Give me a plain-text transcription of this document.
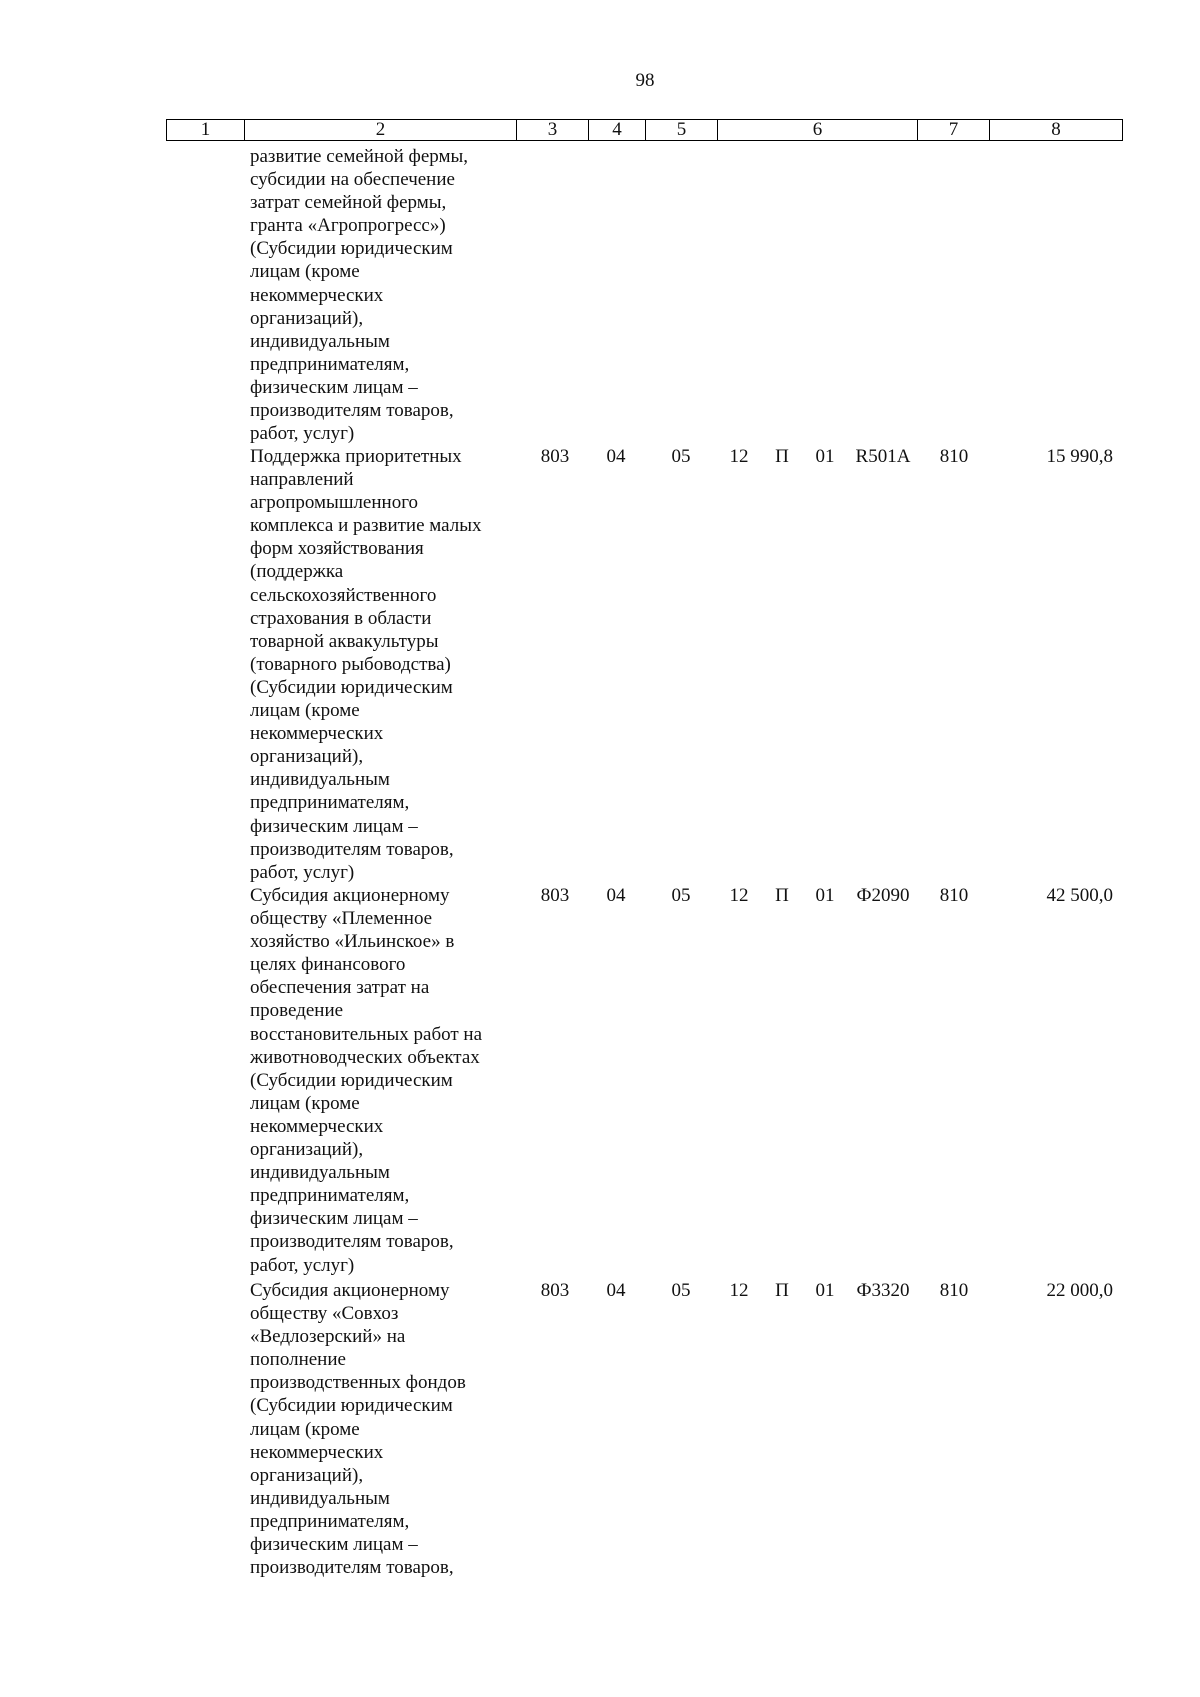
98
1	2	3	4	5	6	7	8
развитие семейной фермы,
субсидии на обеспечение
затрат семейной фермы,
гранта «Агропрогресс»)
(Субсидии юридическим
лицам (кроме
некоммерческих
организаций),
индивидуальным
предпринимателям,
физическим лицам –
производителям товаров,
работ, услуг)
Поддержка приоритетных
направлений
агропромышленного
комплекса и развитие малых
форм хозяйствования
(поддержка
сельскохозяйственного
страхования в области
товарной аквакультуры
(товарного рыбоводства)
(Субсидии юридическим
лицам (кроме
некоммерческих
организаций),
индивидуальным
предпринимателям,
физическим лицам –
производителям товаров,
работ, услуг)
803 04 05 12 П 01	R501A	810	15 990,8
Субсидия акционерному
обществу «Племенное
хозяйство «Ильинское» в
целях финансового
обеспечения затрат на
проведение
восстановительных работ на
животноводческих объектах
(Субсидии юридическим
лицам (кроме
некоммерческих
организаций),
индивидуальным
предпринимателям,
физическим лицам –
производителям товаров,
работ, услуг)
803 04 05 12 П 01	Ф2090	810	42 500,0
Субсидия акционерному
обществу «Совхоз
«Ведлозерский» на
пополнение
производственных фондов
(Субсидии юридическим
лицам (кроме
некоммерческих
организаций),
индивидуальным
предпринимателям,
физическим лицам –
производителям товаров,
803 04 05 12 П 01	Ф3320	810	22 000,0
